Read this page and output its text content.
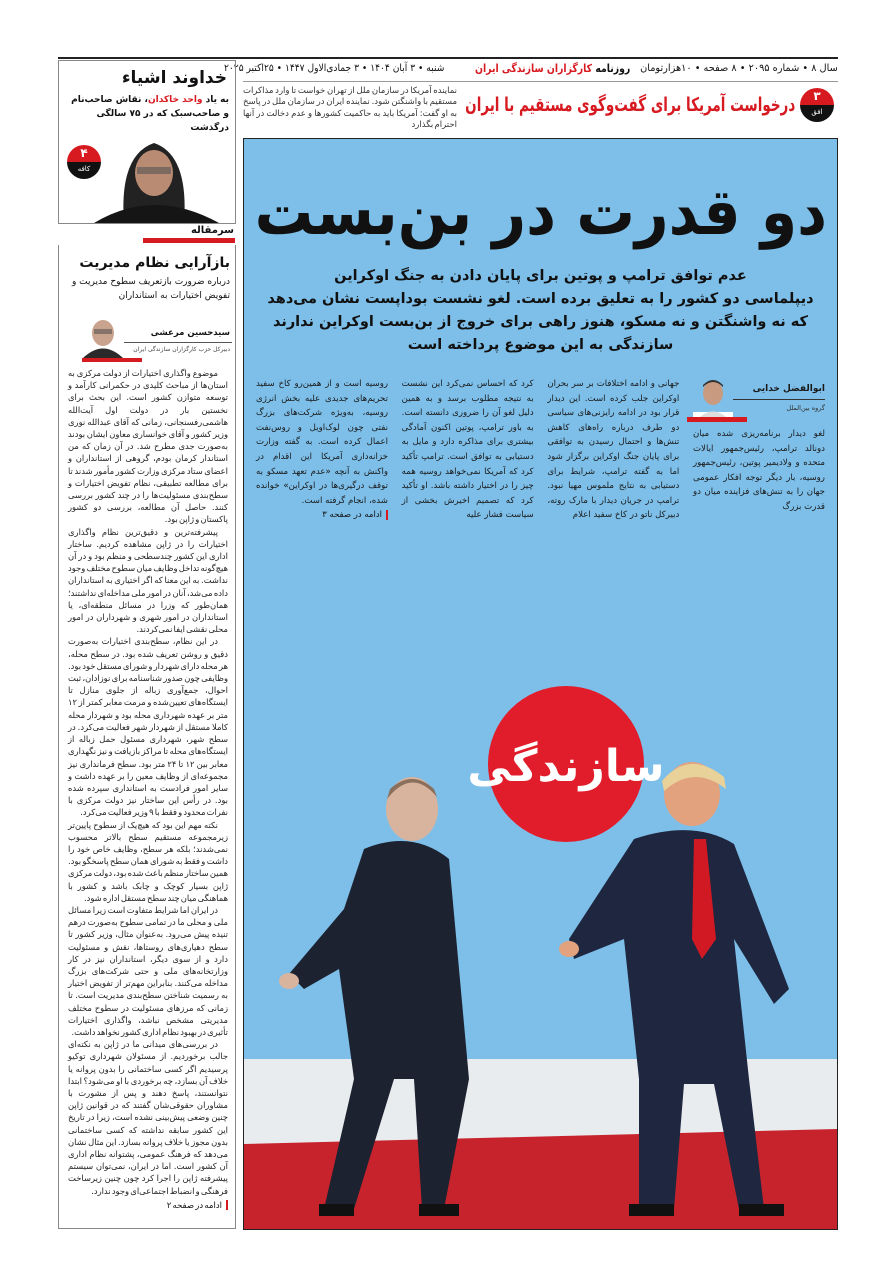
سال ۸ • شماره ۲۰۹۵ • ۸ صفحه • ۱۰هزارتومان
روزنامه کارگزاران سازندگی ایران
شنبه • ۳ آبان ۱۴۰۴ • ۳ جمادی‌الاول ۱۴۴۷ • ۲۵اکتبر ۲۰۲۵
۳
افق
درخواست آمریکا برای گفت‌وگوی مستقیم با ایران
نماینده آمریکا در سازمان ملل از تهران خواست تا وارد مذاکرات مستقیم با واشنگتن شود. نماینده ایران در سازمان ملل در پاسخ به او گفت: آمریکا باید به حاکمیت کشورها و عدم دخالت در آنها احترام بگذارد
سازندگی
دو قدرت در بن‌بست
عدم توافق ترامپ و پوتین برای پایان دادن به جنگ اوکراین
دیپلماسی دو کشور را به تعلیق برده است. لغو نشست بوداپست نشان می‌دهد
که نه واشنگتن و نه مسکو، هنوز راهی برای خروج از بن‌بست اوکراین ندارند
سازندگی به این موضوع پرداخته است
ابوالفضل خدایی
گروه بین‌الملل
لغو دیدار برنامه‌ریزی شده میان دونالد ترامپ، رئیس‌جمهور ایالات متحده و ولادیمیر پوتین، رئیس‌جمهور روسیه، بار دیگر توجه افکار عمومی جهان را به تنش‌های فزاینده میان دو قدرت بزرگ
جهانی و ادامه اختلافات بر سر بحران اوکراین جلب کرده است. این دیدار قرار بود در ادامه رایزنی‌های سیاسی دو طرف درباره راه‌های کاهش تنش‌ها و احتمال رسیدن به توافقی برای پایان جنگ اوکراین برگزار شود اما به گفته ترامپ، شرایط برای دستیابی به نتایج ملموس مهیا نبود. ترامپ در جریان دیدار با مارک روته، دبیرکل ناتو در کاخ سفید اعلام
کرد که احساس نمی‌کرد این نشست به نتیجه مطلوب برسد و به همین دلیل لغو آن را ضروری دانسته است. به باور ترامپ، پوتین اکنون آمادگی بیشتری برای مذاکره دارد و مایل به دستیابی به توافق است. ترامپ تأکید کرد که آمریکا نمی‌خواهد روسیه همه چیز را در اختیار داشته باشد. او تأکید کرد که تصمیم اخیرش بخشی از سیاست فشار علیه
روسیه است و از همین‌رو کاخ سفید تحریم‌های جدیدی علیه بخش انرژی روسیه، به‌ویژه شرکت‌های بزرگ نفتی چون لوک‌اویل و روس‌نفت اعمال کرده است. به گفته وزارت خزانه‌داری آمریکا این اقدام در واکنش به آنچه «عدم تعهد مسکو به توقف درگیری‌ها در اوکراین» خوانده شده، انجام گرفته است.
ادامه در صفحه ۳
خداوند اشیاء
به یاد واحد خاکدان، نقاش صاحب‌نام و صاحب‌سبک که در ۷۵ سالگی درگذشت
۴
کافه
سرمقاله
بازآرایی نظام مدیریت
درباره ضرورت بازتعریف سطوح مدیریت و تفویض اختیارات به استانداران
سیدحسین مرعشی
دبیرکل حزب کارگزاران سازندگی ایران

موضوع واگذاری اختیارات از دولت مرکزی به استان‌ها از مباحث کلیدی در حکمرانی کارآمد و توسعه متوازن کشور است. این بحث برای نخستین بار در دولت اول آیت‌الله هاشمی‌رفسنجانی، زمانی که آقای عبدالله نوری وزیر کشور و آقای خوانساری معاون ایشان بودند به‌صورت جدی مطرح شد. در آن زمان که من استاندار کرمان بودم، گروهی از استانداران و اعضای ستاد مرکزی وزارت کشور مأمور شدند تا برای مطالعه تطبیقی، نظام تفویض اختیارات و سطح‌بندی مسئولیت‌ها را در چند کشور بررسی کنند. حاصل آن مطالعه، بررسی دو کشور پاکستان و ژاپن بود.

پیشرفته‌ترین و دقیق‌ترین نظام واگذاری اختیارات را در ژاپن مشاهده کردیم. ساختار اداری این کشور چندسطحی و منظم بود و در آن هیچ‌گونه تداخل وظایف میان سطوح مختلف وجود نداشت. به این معنا که اگر اختیاری به استانداران داده می‌شد، آنان در امور ملی مداخله‌ای نداشتند؛ همان‌طور که وزرا در مسائل منطقه‌ای، یا استانداران در امور شهری و شهرداران در امور محلی نقشی ایفا نمی‌کردند.

در این نظام، سطح‌بندی اختیارات به‌صورت دقیق و روشن تعریف شده بود. در سطح محله، هر محله دارای شهردار و شورای مستقل خود بود. وظایفی چون صدور شناسنامه برای نوزادان، ثبت احوال، جمع‌آوری زباله از جلوی منازل تا ایستگاه‌های تعیین‌شده و مرمت معابر کمتر از ۱۲ متر بر عهده شهرداری محله بود و شهردار محله کاملا مستقل از شهردار شهر فعالیت می‌کرد. در سطح شهر، شهرداری مسئول حمل زباله از ایستگاه‌های محله تا مراکز بازیافت و نیز نگهداری معابر بین ۱۲ تا ۲۴ متر بود. سطح فرمانداری نیز مجموعه‌ای از وظایف معین را بر عهده داشت و سایر امور فرادست به استانداری سپرده شده بود. در رأس این ساختار نیز دولت مرکزی با نفرات محدود و فقط با ۹ وزیر فعالیت می‌کرد.

نکته مهم این بود که هیچ‌یک از سطوح پایین‌تر زیرمجموعه مستقیم سطح بالاتر محسوب نمی‌شدند؛ بلکه هر سطح، وظایف خاص خود را داشت و فقط به شورای همان سطح پاسخگو بود. همین ساختار منظم باعث شده بود، دولت مرکزی ژاپن بسیار کوچک و چابک باشد و کشور با هماهنگی میان چند سطح مستقل اداره شود.

در ایران اما شرایط متفاوت است زیرا مسائل ملی و محلی ما در تمامی سطوح به‌صورت درهم تنیده پیش می‌رود. به‌عنوان مثال، وزیر کشور تا سطح دهیاری‌های روستاها، نقش و مسئولیت دارد و از سوی دیگر، استانداران نیز در کار وزارتخانه‌های ملی و حتی شرکت‌های بزرگ مداخله می‌کنند. بنابراین مهم‌تر از تفویض اختیار به رسمیت شناختن سطح‌بندی مدیریت است. تا زمانی که مرزهای مسئولیت در سطوح مختلف مدیریتی مشخص نباشد، واگذاری اختیارات تأثیری در بهبود نظام اداری کشور نخواهد داشت.

در بررسی‌های میدانی ما در ژاپن به نکته‌ای جالب برخوردیم. از مسئولان شهرداری توکیو پرسیدیم اگر کسی ساختمانی را بدون پروانه یا خلاف آن بسازد، چه برخوردی با او می‌شود؟ ابتدا نتوانستند، پاسخ دهند و پس از مشورت با مشاوران حقوقی‌شان گفتند که در قوانین ژاپن چنین وضعی پیش‌بینی نشده است، زیرا در تاریخ این کشور سابقه نداشته که کسی ساختمانی بدون مجوز یا خلاف پروانه بسازد. این مثال نشان می‌دهد که فرهنگ عمومی، پشتوانه نظام اداری آن کشور است. اما در ایران، نمی‌توان سیستم پیشرفته ژاپن را اجرا کرد چون چنین زیرساخت فرهنگی و انضباط اجتماعی‌ای وجود ندارد.

ادامه در صفحه ۲
